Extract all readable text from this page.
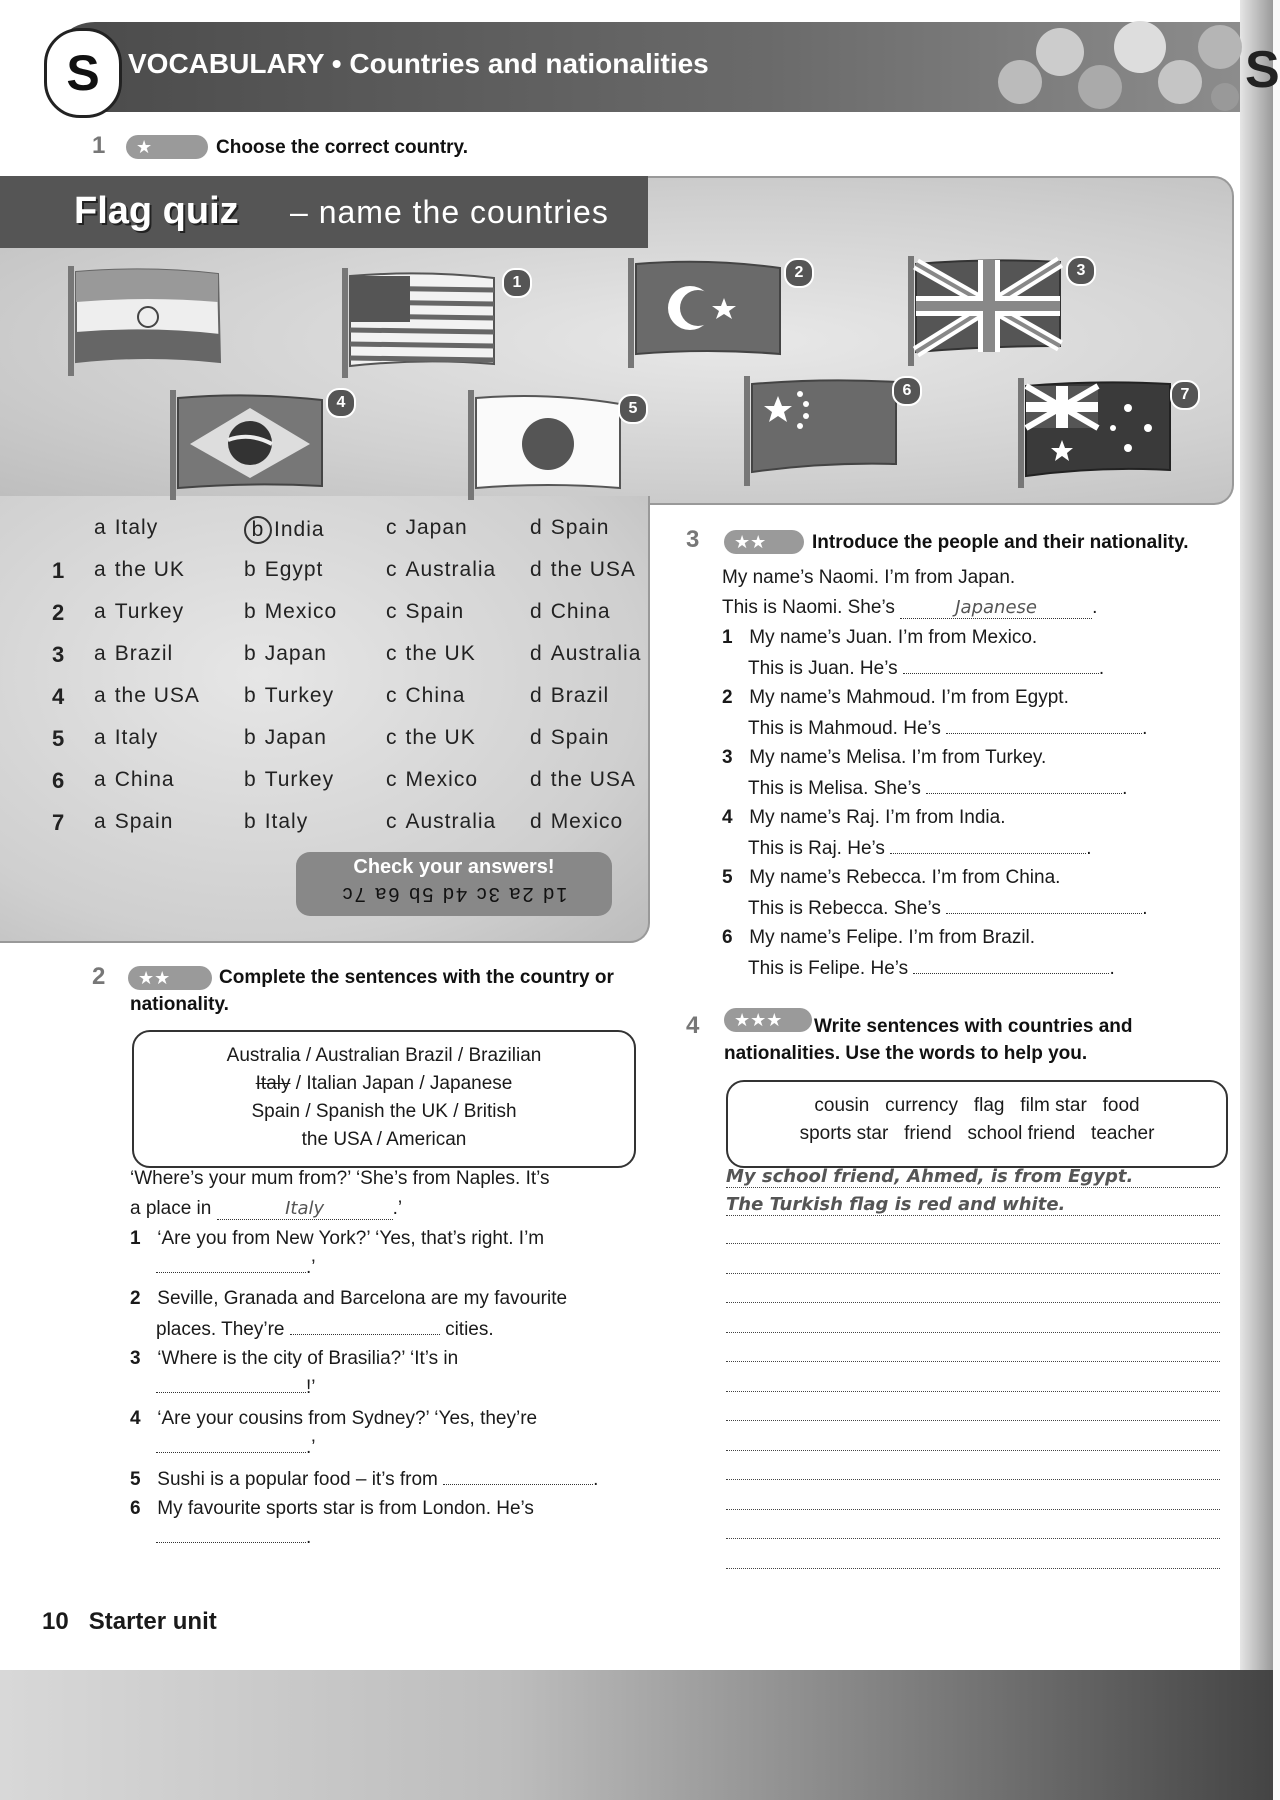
S
S	VOCABULARY • Countries and nationalities
1	★	Choose the correct country.
Flag quiz – name the countries
1
2	3
4	5
6	7
a Italy	b India	c Japan	d Spain
1 a the UK	b Egypt	c Australia d the USA
2 a Turkey	b Mexico c Spain	d China
3 a Brazil	b Japan	c the UK	d Australia
4 a the USA b Turkey c China	d Brazil
5 a Italy	b Japan	c the UK	d Spain
6 a China	b Turkey c Mexico d the USA
7 a Spain	b Italy	c Australia d Mexico
Check your answers!
1d 2a 3c 4d 5b 6a 7c
2	★★	Complete the sentences with the country or
nationality.
Australia / Australian Brazil / Brazilian
Italy / Italian Japan / Japanese
Spain / Spanish the UK / British
the USA / American
‘Where’s your mum from?’ ‘She’s from Naples. It’s
a place in	Italy	.’
1 ‘Are you from New York?’ ‘Yes, that’s right. I’m
.’
2 Seville, Granada and Barcelona are my favourite
places. They’re	cities.
3 ‘Where is the city of Brasilia?’ ‘It’s in
!’
4 ‘Are your cousins from Sydney?’ ‘Yes, they’re
.’
5 Sushi is a popular food – it’s from	.
6 My favourite sports star is from London. He’s
.
3	★★	Introduce the people and their nationality.
My name’s Naomi. I’m from Japan.
This is Naomi. She’s	Japanese	.
1 My name’s Juan. I’m from Mexico.
This is Juan. He’s	.
2 My name’s Mahmoud. I’m from Egypt.
This is Mahmoud. He’s	.
3 My name’s Melisa. I’m from Turkey.
This is Melisa. She’s	.
4 My name’s Raj. I’m from India.
This is Raj. He’s	.
5 My name’s Rebecca. I’m from China.
This is Rebecca. She’s	.
6 My name’s Felipe. I’m from Brazil.
This is Felipe. He’s	.
4	★★★	Write sentences with countries and
nationalities. Use the words to help you.
cousin   currency   flag   film star   food
sports star   friend   school friend   teacher
My school friend, Ahmed, is from Egypt.
The Turkish flag is red and white.
10 Starter unit
